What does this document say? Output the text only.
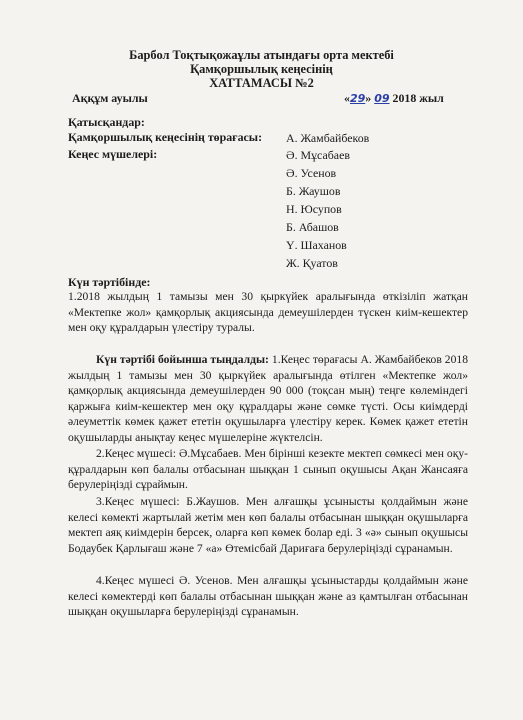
Барбол Тоқтықожаұлы атындағы орта мектебі
Қамқоршылық кеңесінің
ХАТТАМАСЫ №2
Аққұм ауылы	«29» 09 2018 жыл
Қатысқандар:
Қамқоршылық кеңесінің төрағасы: А. Жамбайбеков
Кеңес мүшелері:	Ә. Мұсабаев
Ә. Усенов
Б. Жаушов
Н. Юсупов
Б. Абашов
Ү. Шаханов
Ж. Қуатов
Күн тәртібінде:
1.2018 жылдың 1 тамызы мен 30 қыркүйек аралығында өткізіліп жатқан «Мектепке жол» қамқорлық акциясында демеушілерден түскен киім-кешектер мен оқу құралдарын үлестіру туралы.
Күн тәртібі бойынша тыңдалды: 1.Кеңес төрағасы А. Жамбайбеков 2018 жылдың 1 тамызы мен 30 қыркүйек аралығында өтілген «Мектепке жол» қамқорлық акциясында демеушілерден 90 000 (тоқсан мың) теңге көлеміндегі қаржыға киім-кешектер мен оқу құралдары және сөмке түсті. Осы киімдерді әлеуметтік көмек қажет ететін оқушыларға үлестіру керек. Көмек қажет ететін оқушыларды анықтау кеңес мүшелеріне жүктелсін.
2.Кеңес мүшесі: Ә.Мұсабаев. Мен бірінші кезекте мектеп сөмкесі мен оқу-құралдарын көп балалы отбасынан шыққан 1 сынып оқушысы Ақан Жансаяға берулеріңізді сұраймын.
3.Кеңес мүшесі: Б.Жаушов. Мен алғашқы ұсынысты қолдаймын және келесі көмекті жартылай жетім мен көп балалы отбасынан шыққан оқушыларға мектеп аяқ киімдерін берсек, оларға көп көмек болар еді. 3 «ә» сынып оқушысы Бодаубек Қарлығаш және 7 «а» Өтемісбай Дариғаға берулеріңізді сұранамын.
4.Кеңес мүшесі Ә. Усенов. Мен алғашқы ұсыныстарды қолдаймын және келесі көмектерді көп балалы отбасынан шыққан және аз қамтылған отбасынан шыққан оқушыларға берулеріңізді сұранамын.
